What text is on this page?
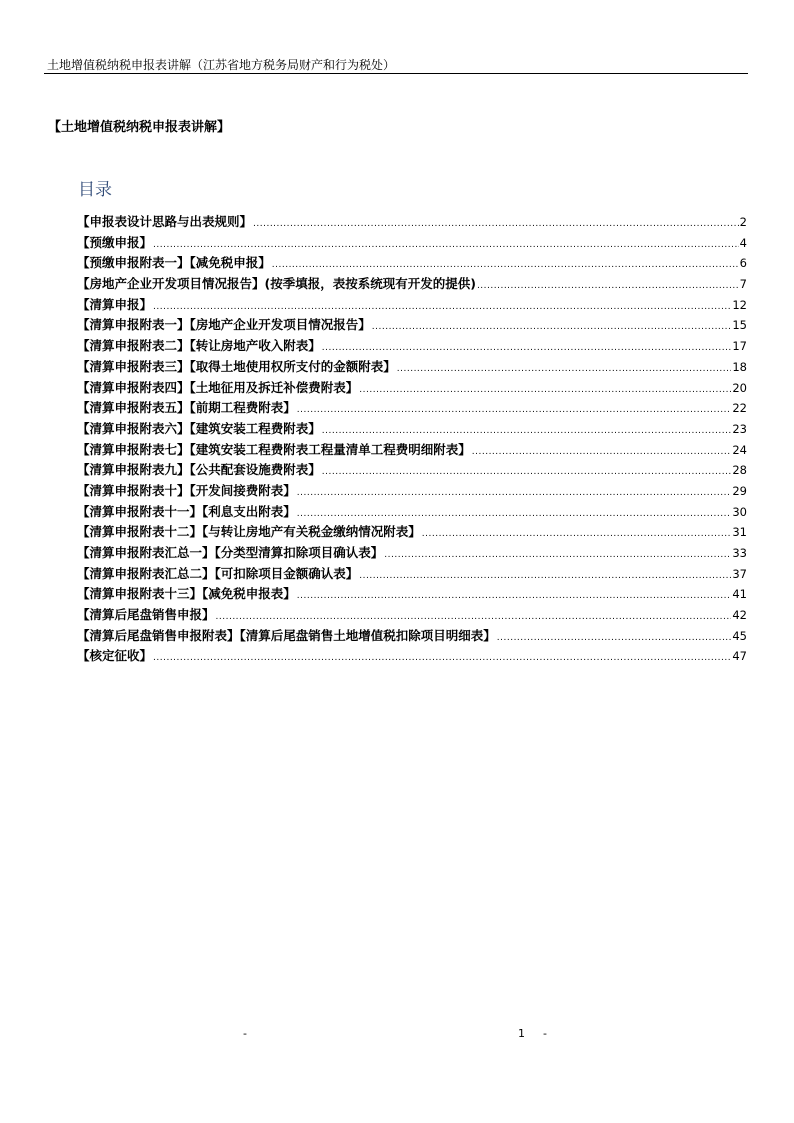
土地增值税纳税申报表讲解（江苏省地方税务局财产和行为税处）
【土地增值税纳税申报表讲解】
目录
【申报表设计思路与出表规则】 .....	2
【预缴申报】 .....	4
【预缴申报附表一】【减免税申报】 .....	6
【房地产企业开发项目情况报告】(按季填报，表按系统现有开发的提供) .....	7
【清算申报】 .....	12
【清算申报附表一】【房地产企业开发项目情况报告】 .....	15
【清算申报附表二】【转让房地产收入附表】 .....	17
【清算申报附表三】【取得土地使用权所支付的金额附表】 .....	18
【清算申报附表四】【土地征用及拆迁补偿费附表】 .....	20
【清算申报附表五】【前期工程费附表】 .....	22
【清算申报附表六】【建筑安装工程费附表】 .....	23
【清算申报附表七】【建筑安装工程费附表工程量清单工程费明细附表】 .....	24
【清算申报附表九】【公共配套设施费附表】 .....	28
【清算申报附表十】【开发间接费附表】 .....	29
【清算申报附表十一】【利息支出附表】 .....	30
【清算申报附表十二】【与转让房地产有关税金缴纳情况附表】 .....	31
【清算申报附表汇总一】【分类型清算扣除项目确认表】 .....	33
【清算申报附表汇总二】【可扣除项目金额确认表】 .....	37
【清算申报附表十三】【减免税申报表】 .....	41
【清算后尾盘销售申报】 .....	42
【清算后尾盘销售申报附表】【清算后尾盘销售土地增值税扣除项目明细表】 .....	45
【核定征收】 .....	47
-	1 -
